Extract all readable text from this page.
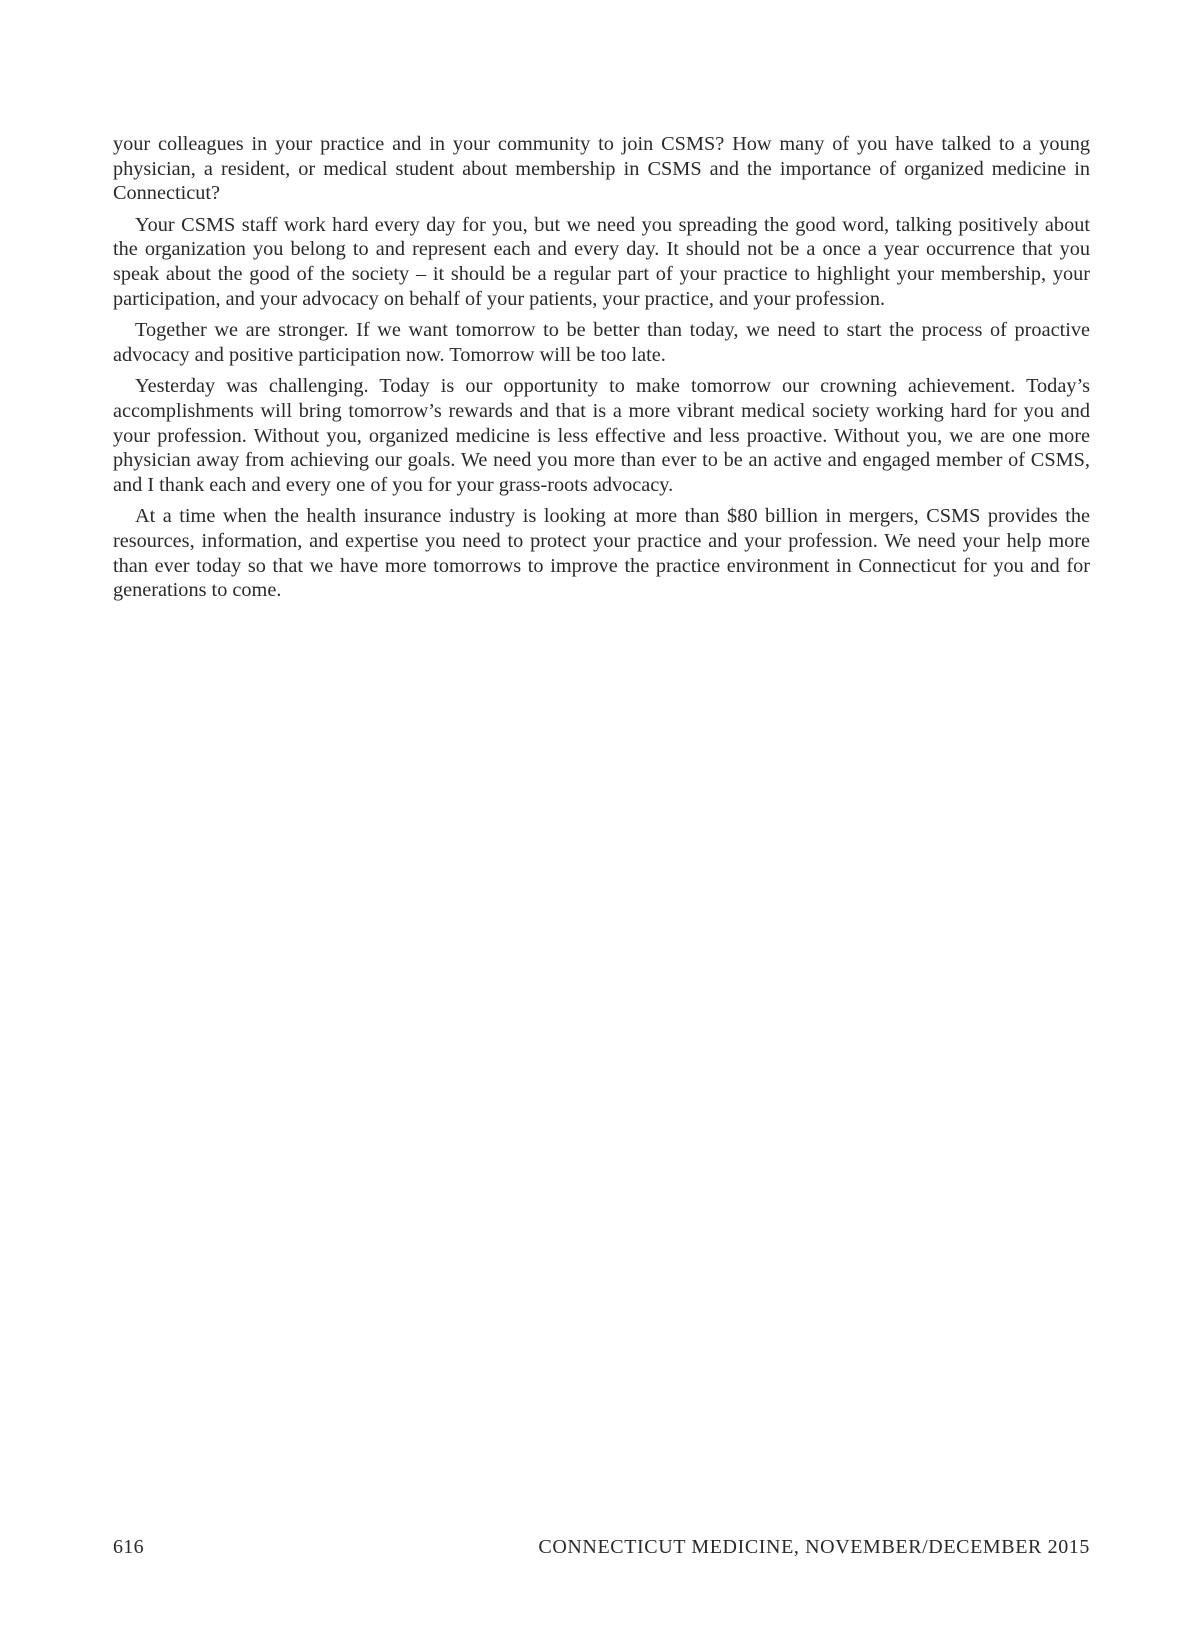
your colleagues in your practice and in your community to join CSMS? How many of you have talked to a young physician, a resident, or medical student about membership in CSMS and the importance of organized medicine in Connecticut?

Your CSMS staff work hard every day for you, but we need you spreading the good word, talking positively about the organization you belong to and represent each and every day. It should not be a once a year occurrence that you speak about the good of the society – it should be a regular part of your practice to highlight your membership, your participation, and your advocacy on behalf of your patients, your practice, and your profession.

Together we are stronger. If we want tomorrow to be better than today, we need to start the process of proactive advocacy and positive participation now. Tomorrow will be too late.

Yesterday was challenging. Today is our opportunity to make tomorrow our crowning achievement. Today’s accomplishments will bring tomorrow’s rewards and that is a more vibrant medical society working hard for you and your profession. Without you, organized medicine is less effective and less proactive. Without you, we are one more physician away from achieving our goals. We need you more than ever to be an active and engaged member of CSMS, and I thank each and every one of you for your grass-roots advocacy.

At a time when the health insurance industry is looking at more than $80 billion in mergers, CSMS provides the resources, information, and expertise you need to protect your practice and your profession. We need your help more than ever today so that we have more tomorrows to improve the practice environment in Connecticut for you and for generations to come.

616	CONNECTICUT MEDICINE, NOVEMBER/DECEMBER 2015
